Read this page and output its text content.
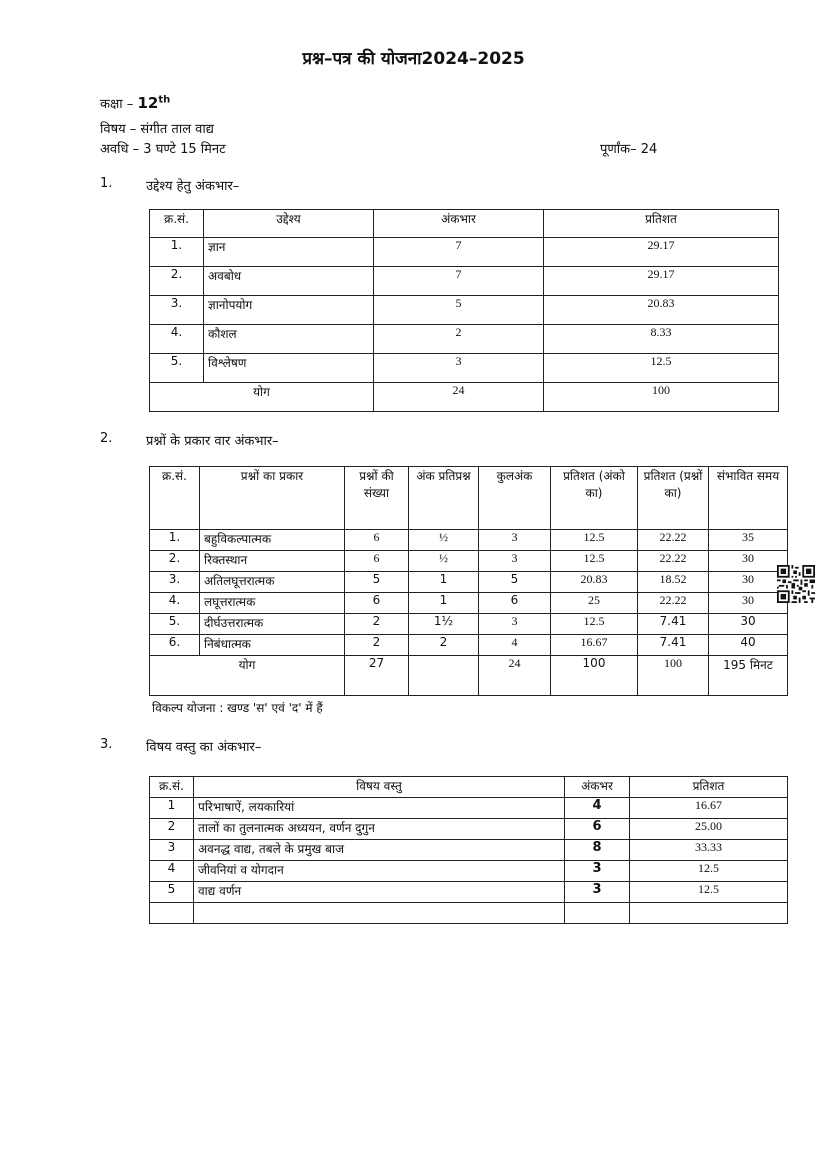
प्रश्न–पत्र की योजना2024–2025
कक्षा – 12th
विषय – संगीत ताल वाद्य
अवधि – 3 घण्टे 15 मिनट	पूर्णांक– 24
1.	उद्देश्य हेतु अंकभार–
क्र.सं.	उद्देश्य	अंकभार	प्रतिशत
1.	ज्ञान	7	29.17
2.	अवबोध	7	29.17
3.	ज्ञानोपयोग	5	20.83
4.	कौशल	2	8.33
5.	विश्लेषण	3	12.5
योग		24	100
2.	प्रश्नों के प्रकार वार अंकभार–
क्र.सं.	प्रश्नों का प्रकार	प्रश्नों की संख्या	अंक प्रतिप्रश्न	कुलअंक	प्रतिशत (अंको का)	प्रतिशत (प्रश्नों का)	संभावित समय
1.	बहुविकल्पात्मक	6	½	3	12.5	22.22	35
2.	रिक्तस्थान	6	½	3	12.5	22.22	30
3.	अतिलघूत्तरात्मक	5	1	5	20.83	18.52	30
4.	लघूत्तरात्मक	6	1	6	25	22.22	30
5.	दीर्घउत्तरात्मक	2	1½	3	12.5	7.41	30
6.	निबंधात्मक	2	2	4	16.67	7.41	40
योग		27		24	100	100	195 मिनट
विकल्प योजना : खण्ड 'स' एवं 'द' में हैं
3.	विषय वस्तु का अंकभार–
क्र.सं.	विषय वस्तु	अंकभर	प्रतिशत
1	परिभाषाऐं, लयकारियां	4	16.67
2	तालों का तुलनात्मक अध्ययन, वर्णन दुगुन	6	25.00
3	अवनद्ध वाद्य, तबले के प्रमुख बाज	8	33.33
4	जीवनियां व योगदान	3	12.5
5	वाद्य वर्णन	3	12.5
